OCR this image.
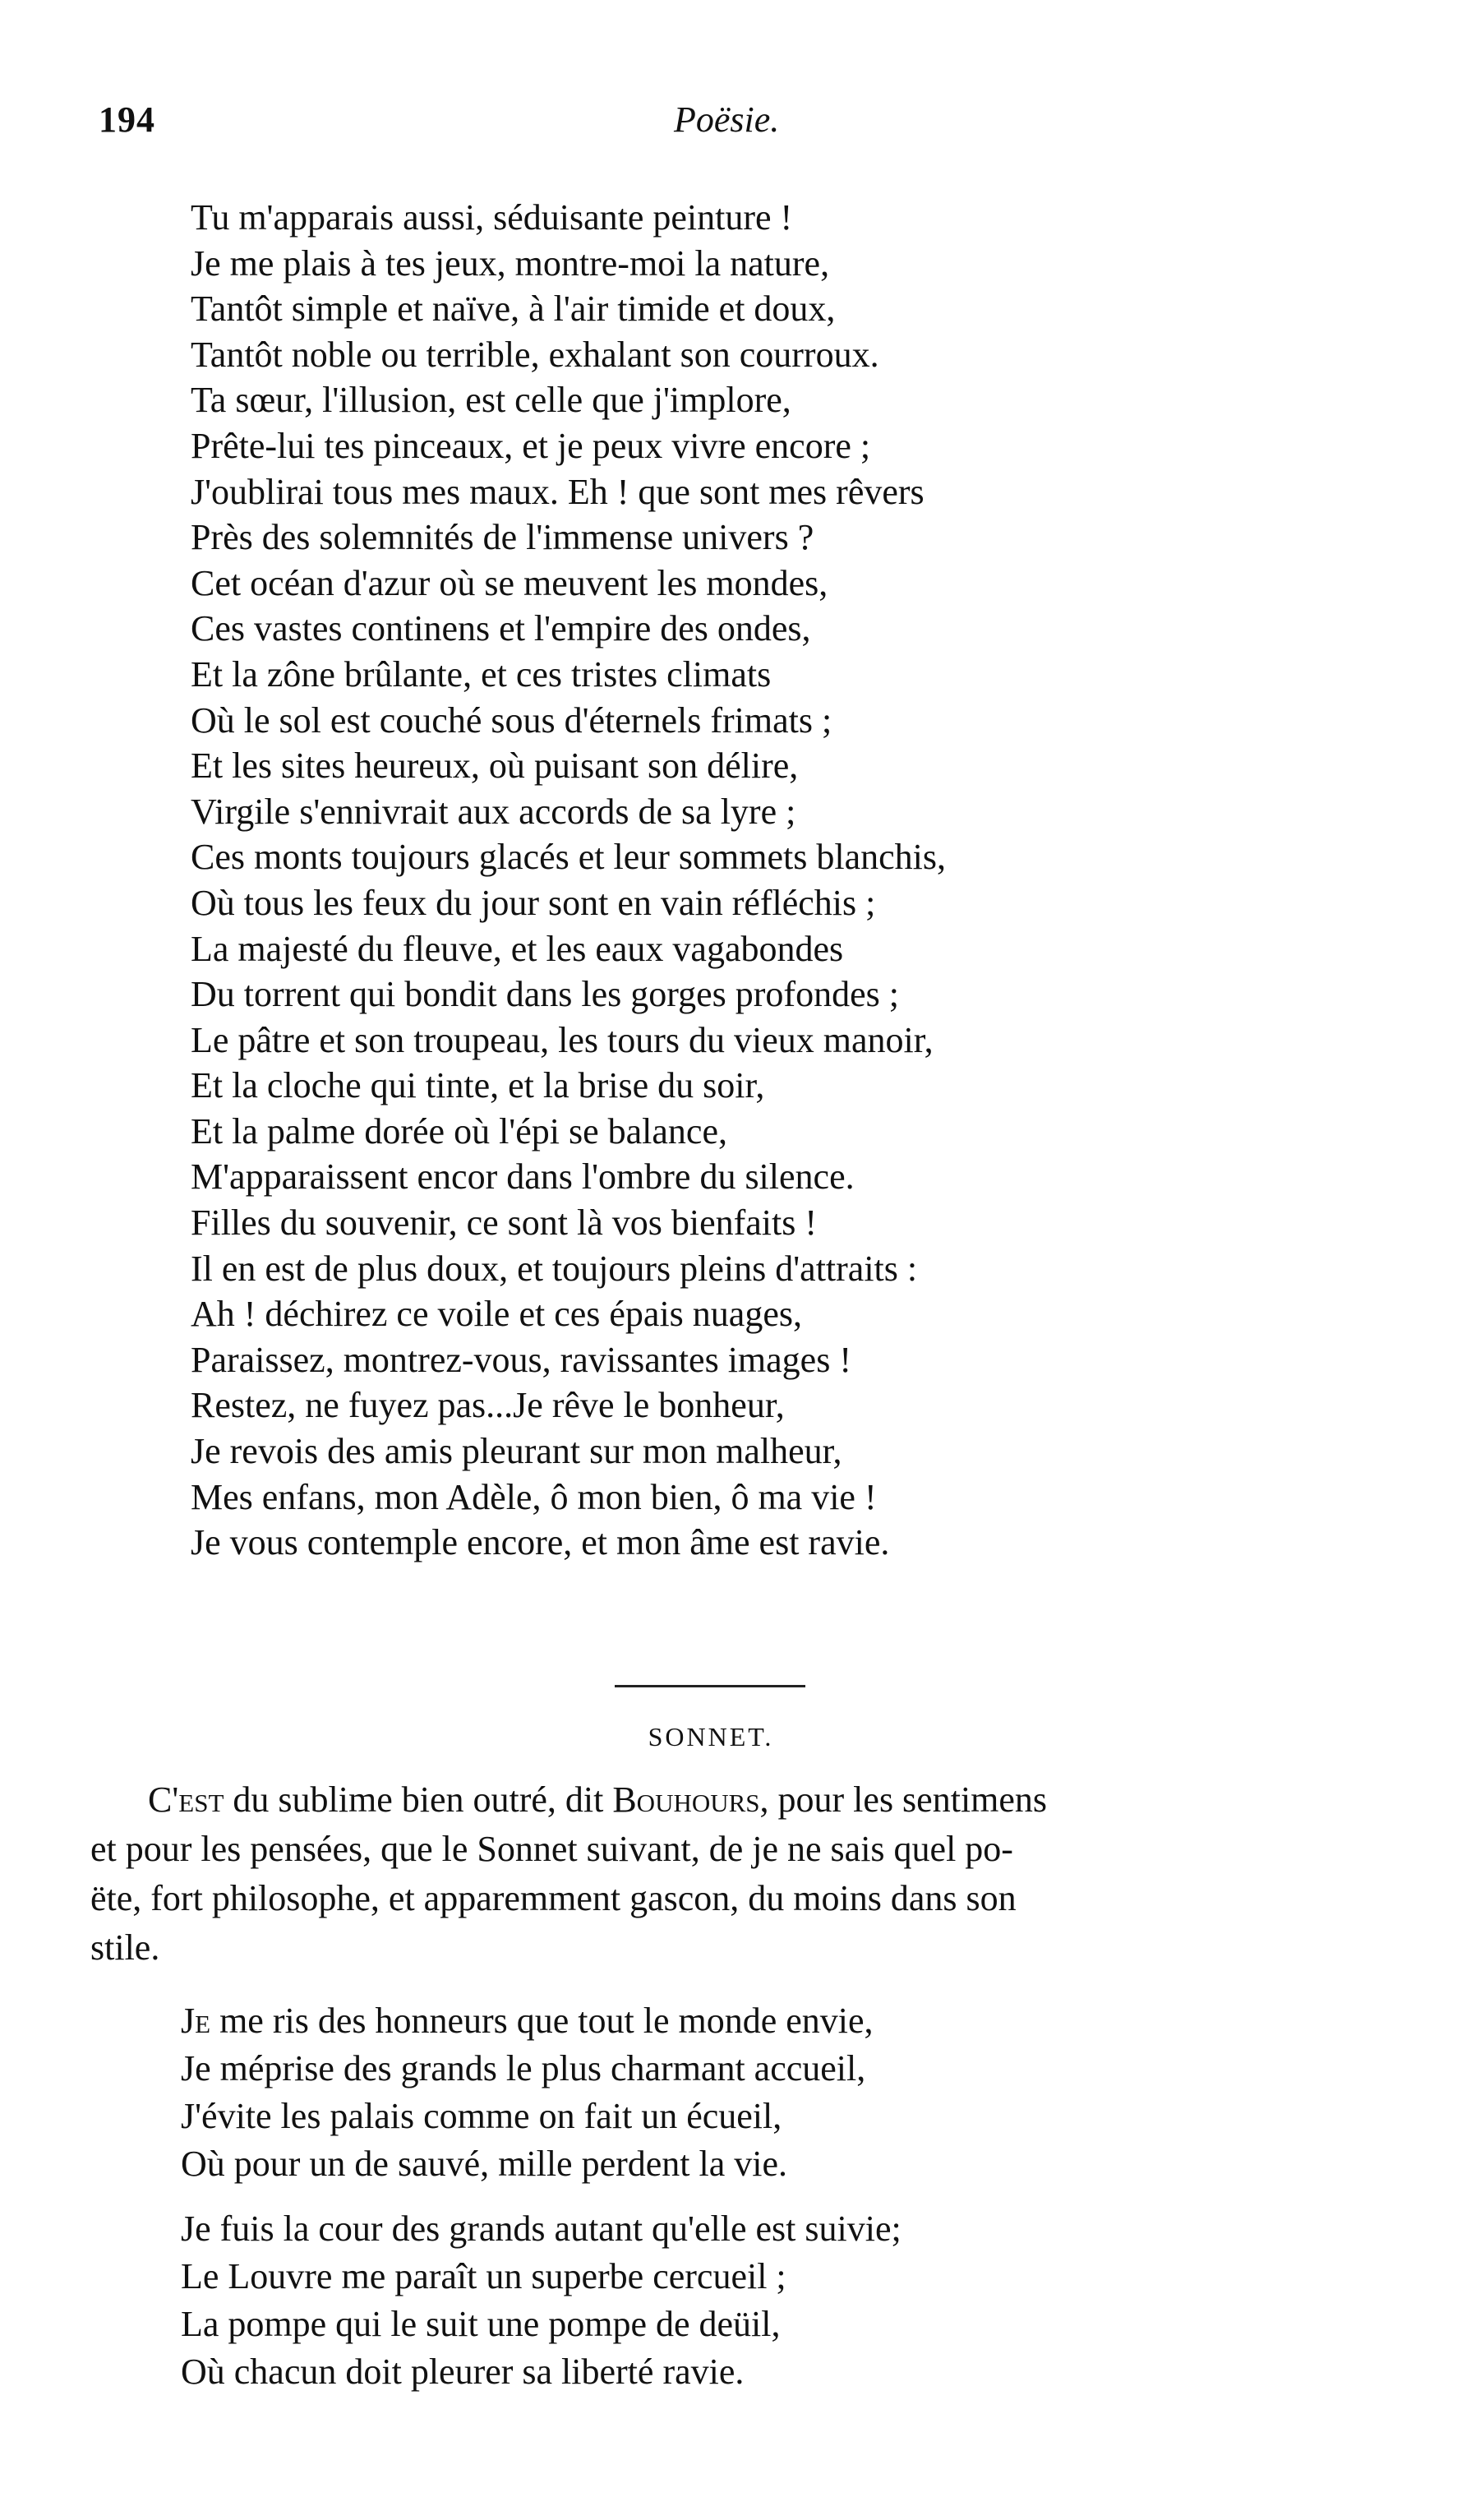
194	Poësie.
Tu m'apparais aussi, séduisante peinture !
Je me plais à tes jeux, montre-moi la nature,
Tantôt simple et naïve, à l'air timide et doux,
Tantôt noble ou terrible, exhalant son courroux.
Ta sœur, l'illusion, est celle que j'implore,
Prête-lui tes pinceaux, et je peux vivre encore ;
J'oublirai tous mes maux. Eh ! que sont mes rêvers
Près des solemnités de l'immense univers ?
Cet océan d'azur où se meuvent les mondes,
Ces vastes continens et l'empire des ondes,
Et la zône brûlante, et ces tristes climats
Où le sol est couché sous d'éternels frimats ;
Et les sites heureux, où puisant son délire,
Virgile s'ennivrait aux accords de sa lyre ;
Ces monts toujours glacés et leur sommets blanchis,
Où tous les feux du jour sont en vain réfléchis ;
La majesté du fleuve, et les eaux vagabondes
Du torrent qui bondit dans les gorges profondes ;
Le pâtre et son troupeau, les tours du vieux manoir,
Et la cloche qui tinte, et la brise du soir,
Et la palme dorée où l'épi se balance,
M'apparaissent encor dans l'ombre du silence.
Filles du souvenir, ce sont là vos bienfaits !
Il en est de plus doux, et toujours pleins d'attraits :
Ah ! déchirez ce voile et ces épais nuages,
Paraissez, montrez-vous, ravissantes images !
Restez, ne fuyez pas...Je rêve le bonheur,
Je revois des amis pleurant sur mon malheur,
Mes enfans, mon Adèle, ô mon bien, ô ma vie !
Je vous contemple encore, et mon âme est ravie.
SONNET.
C'est du sublime bien outré, dit Bouhours, pour les sentimens
et pour les pensées, que le Sonnet suivant, de je ne sais quel po-
ëte, fort philosophe, et apparemment gascon, du moins dans son
stile.
Je me ris des honneurs que tout le monde envie,
Je méprise des grands le plus charmant accueil,
J'évite les palais comme on fait un écueil,
Où pour un de sauvé, mille perdent la vie.
Je fuis la cour des grands autant qu'elle est suivie;
Le Louvre me paraît un superbe cercueil ;
La pompe qui le suit une pompe de deüil,
Où chacun doit pleurer sa liberté ravie.
